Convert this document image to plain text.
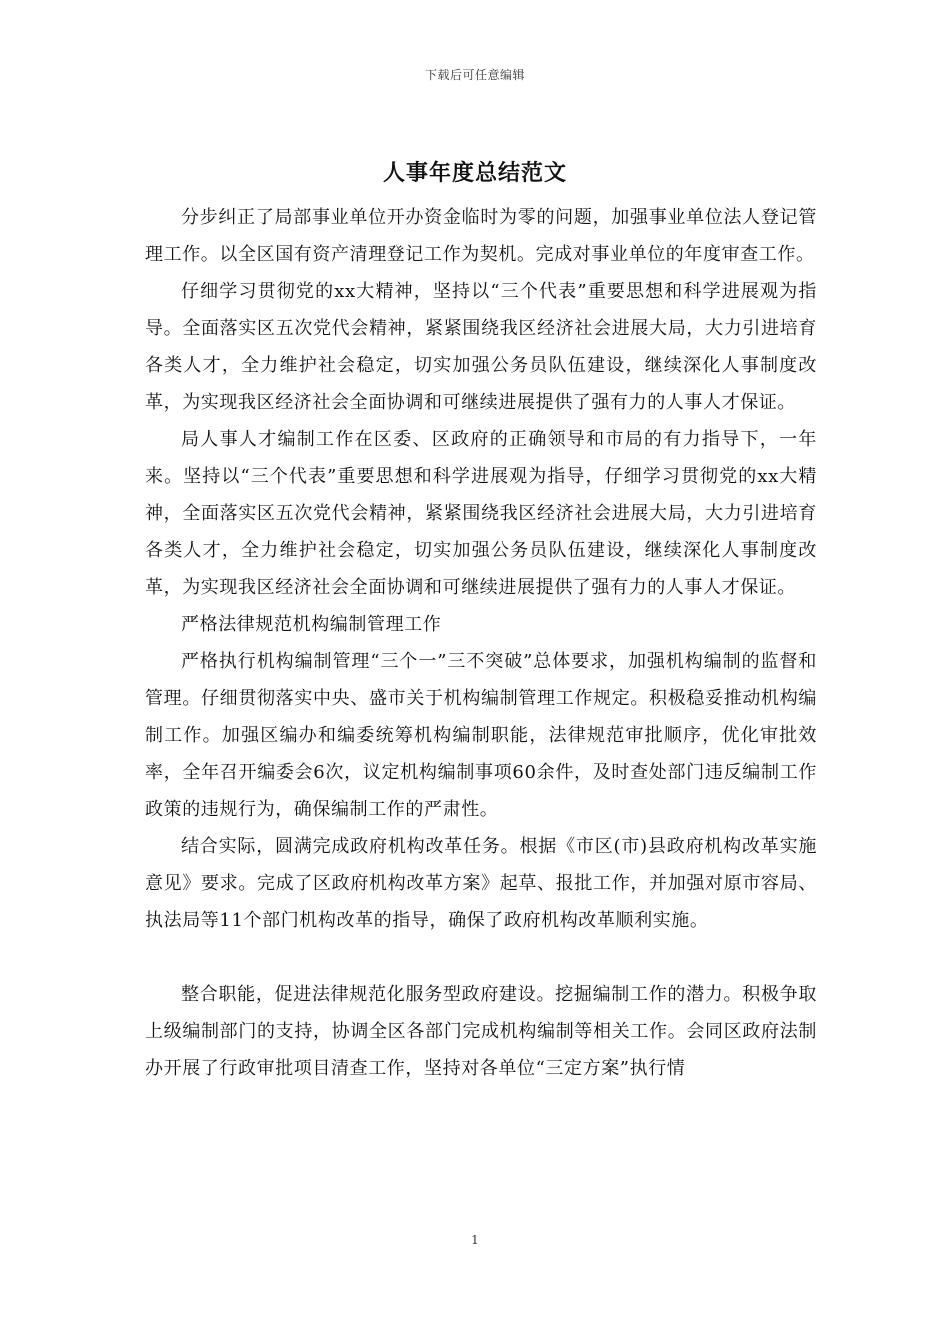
下载后可任意编辑
人事年度总结范文

分步纠正了局部事业单位开办资金临时为零的问题，加强事业单位法人登记管理工作。以全区国有资产清理登记工作为契机。完成对事业单位的年度审查工作。

仔细学习贯彻党的xx大精神，坚持以“三个代表”重要思想和科学进展观为指导。全面落实区五次党代会精神，紧紧围绕我区经济社会进展大局，大力引进培育各类人才，全力维护社会稳定，切实加强公务员队伍建设，继续深化人事制度改革，为实现我区经济社会全面协调和可继续进展提供了强有力的人事人才保证。

局人事人才编制工作在区委、区政府的正确领导和市局的有力指导下，一年来。坚持以“三个代表”重要思想和科学进展观为指导，仔细学习贯彻党的xx大精神，全面落实区五次党代会精神，紧紧围绕我区经济社会进展大局，大力引进培育各类人才，全力维护社会稳定，切实加强公务员队伍建设，继续深化人事制度改革，为实现我区经济社会全面协调和可继续进展提供了强有力的人事人才保证。

严格法律规范机构编制管理工作

严格执行机构编制管理“三个一”三不突破”总体要求，加强机构编制的监督和管理。仔细贯彻落实中央、盛市关于机构编制管理工作规定。积极稳妥推动机构编制工作。加强区编办和编委统筹机构编制职能，法律规范审批顺序，优化审批效率，全年召开编委会6次，议定机构编制事项60余件，及时查处部门违反编制工作政策的违规行为，确保编制工作的严肃性。

结合实际，圆满完成政府机构改革任务。根据《市区(市)县政府机构改革实施意见》要求。完成了区政府机构改革方案》起草、报批工作，并加强对原市容局、执法局等11个部门机构改革的指导，确保了政府机构改革顺利实施。

整合职能，促进法律规范化服务型政府建设。挖掘编制工作的潜力。积极争取上级编制部门的支持，协调全区各部门完成机构编制等相关工作。会同区政府法制办开展了行政审批项目清查工作，坚持对各单位“三定方案”执行情

1
